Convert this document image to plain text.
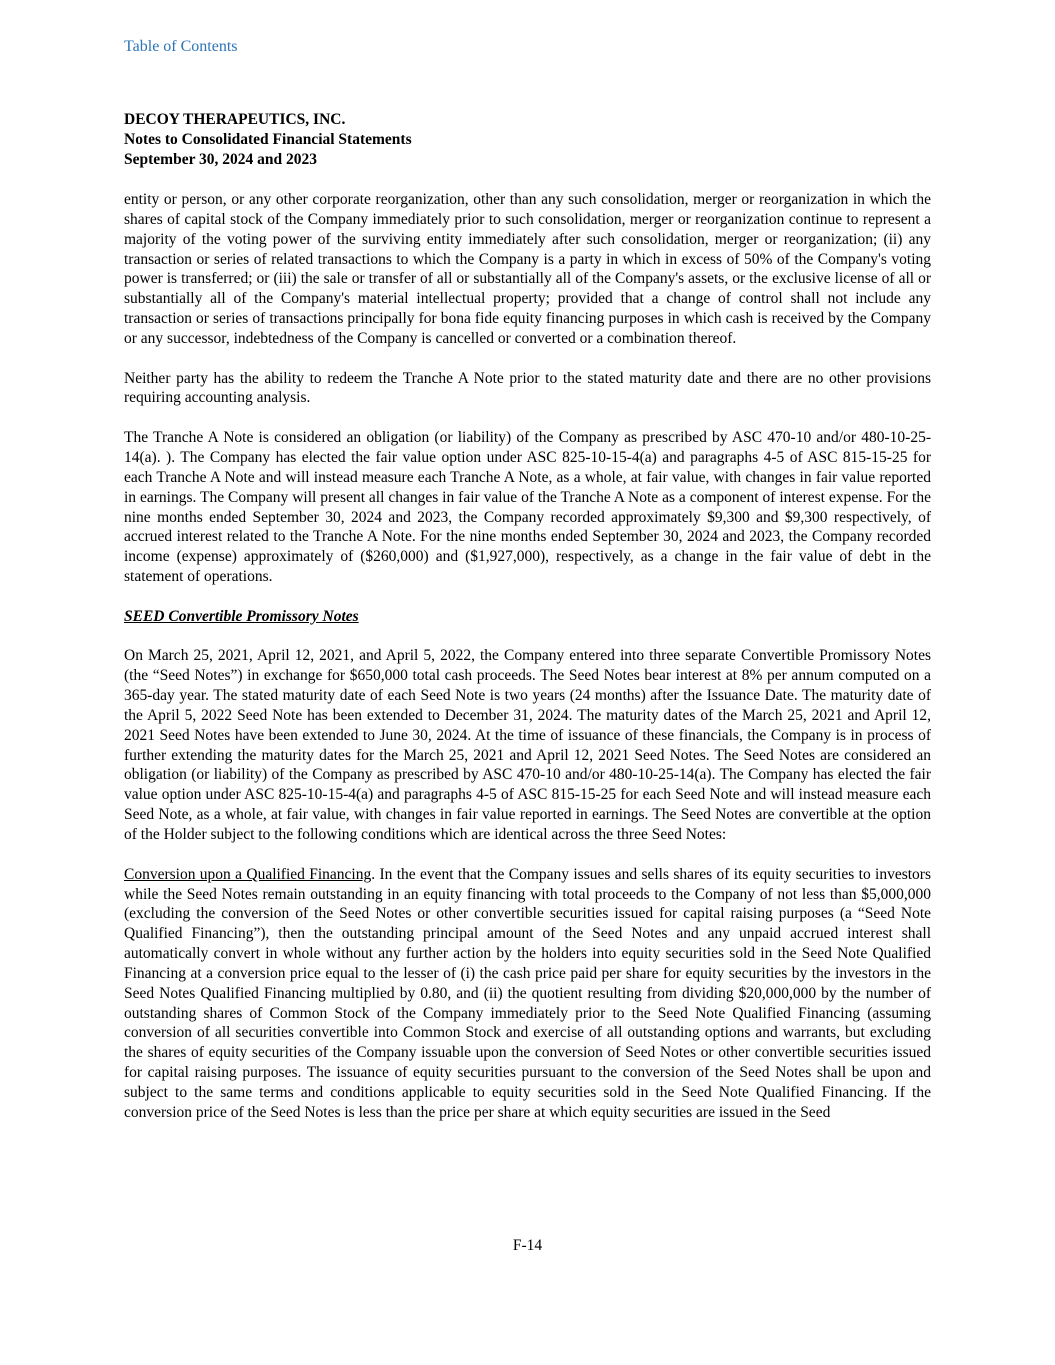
Table of Contents
DECOY THERAPEUTICS, INC.
Notes to Consolidated Financial Statements
September 30, 2024 and 2023

entity or person, or any other corporate reorganization, other than any such consolidation, merger or reorganization in which the shares of capital stock of the Company immediately prior to such consolidation, merger or reorganization continue to represent a majority of the voting power of the surviving entity immediately after such consolidation, merger or reorganization; (ii) any transaction or series of related transactions to which the Company is a party in which in excess of 50% of the Company's voting power is transferred; or (iii) the sale or transfer of all or substantially all of the Company's assets, or the exclusive license of all or substantially all of the Company's material intellectual property; provided that a change of control shall not include any transaction or series of transactions principally for bona fide equity financing purposes in which cash is received by the Company or any successor, indebtedness of the Company is cancelled or converted or a combination thereof.

Neither party has the ability to redeem the Tranche A Note prior to the stated maturity date and there are no other provisions requiring accounting analysis.

The Tranche A Note is considered an obligation (or liability) of the Company as prescribed by ASC 470-10 and/or 480-10-25-14(a). ). The Company has elected the fair value option under ASC 825-10-15-4(a) and paragraphs 4-5 of ASC 815-15-25 for each Tranche A Note and will instead measure each Tranche A Note, as a whole, at fair value, with changes in fair value reported in earnings. The Company will present all changes in fair value of the Tranche A Note as a component of interest expense. For the nine months ended September 30, 2024 and 2023, the Company recorded approximately $9,300 and $9,300 respectively, of accrued interest related to the Tranche A Note. For the nine months ended September 30, 2024 and 2023, the Company recorded income (expense) approximately of ($260,000) and ($1,927,000), respectively, as a change in the fair value of debt in the statement of operations.

SEED Convertible Promissory Notes

On March 25, 2021, April 12, 2021, and April 5, 2022, the Company entered into three separate Convertible Promissory Notes (the “Seed Notes”) in exchange for $650,000 total cash proceeds. The Seed Notes bear interest at 8% per annum computed on a 365-day year. The stated maturity date of each Seed Note is two years (24 months) after the Issuance Date. The maturity date of the April 5, 2022 Seed Note has been extended to December 31, 2024. The maturity dates of the March 25, 2021 and April 12, 2021 Seed Notes have been extended to June 30, 2024. At the time of issuance of these financials, the Company is in process of further extending the maturity dates for the March 25, 2021 and April 12, 2021 Seed Notes. The Seed Notes are considered an obligation (or liability) of the Company as prescribed by ASC 470-10 and/or 480-10-25-14(a). The Company has elected the fair value option under ASC 825-10-15-4(a) and paragraphs 4-5 of ASC 815-15-25 for each Seed Note and will instead measure each Seed Note, as a whole, at fair value, with changes in fair value reported in earnings. The Seed Notes are convertible at the option of the Holder subject to the following conditions which are identical across the three Seed Notes:

Conversion upon a Qualified Financing. In the event that the Company issues and sells shares of its equity securities to investors while the Seed Notes remain outstanding in an equity financing with total proceeds to the Company of not less than $5,000,000 (excluding the conversion of the Seed Notes or other convertible securities issued for capital raising purposes (a “Seed Note Qualified Financing”), then the outstanding principal amount of the Seed Notes and any unpaid accrued interest shall automatically convert in whole without any further action by the holders into equity securities sold in the Seed Note Qualified Financing at a conversion price equal to the lesser of (i) the cash price paid per share for equity securities by the investors in the Seed Notes Qualified Financing multiplied by 0.80, and (ii) the quotient resulting from dividing $20,000,000 by the number of outstanding shares of Common Stock of the Company immediately prior to the Seed Note Qualified Financing (assuming conversion of all securities convertible into Common Stock and exercise of all outstanding options and warrants, but excluding the shares of equity securities of the Company issuable upon the conversion of Seed Notes or other convertible securities issued for capital raising purposes. The issuance of equity securities pursuant to the conversion of the Seed Notes shall be upon and subject to the same terms and conditions applicable to equity securities sold in the Seed Note Qualified Financing. If the conversion price of the Seed Notes is less than the price per share at which equity securities are issued in the Seed

F-14
